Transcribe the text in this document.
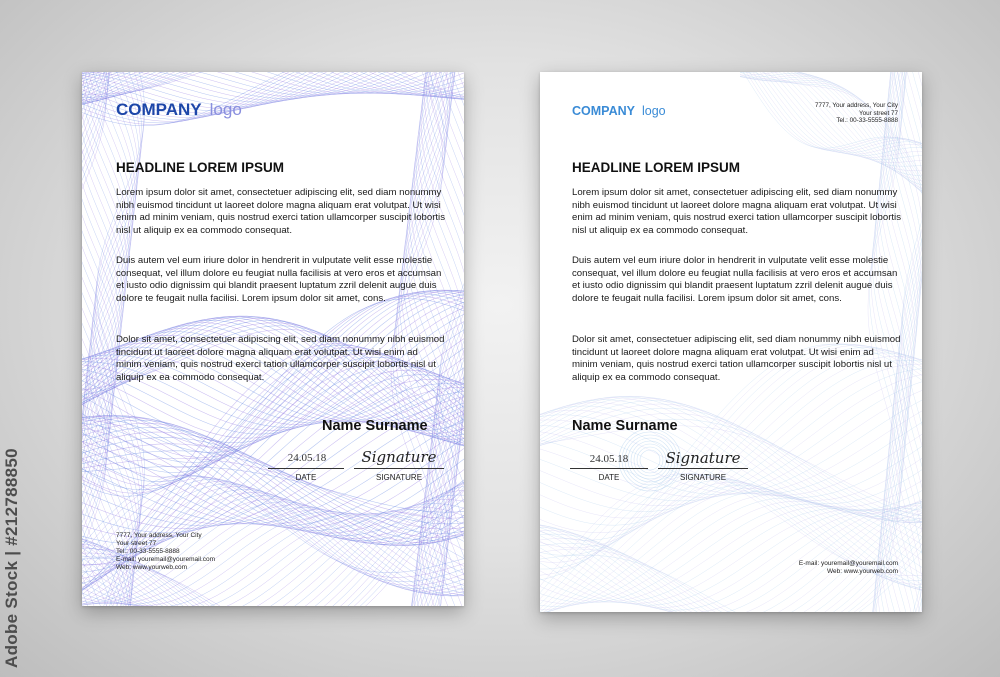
COMPANY logo
HEADLINE LOREM IPSUM

Lorem ipsum dolor sit amet, consectetuer adipiscing elit, sed diam nonummy nibh euismod tincidunt ut laoreet dolore magna aliquam erat volutpat. Ut wisi enim ad minim veniam, quis nostrud exerci tation ullamcorper suscipit lobortis nisl ut aliquip ex ea commodo consequat.

Duis autem vel eum iriure dolor in hendrerit in vulputate velit esse molestie consequat, vel illum dolore eu feugiat nulla facilisis at vero eros et accumsan et iusto odio dignissim qui blandit praesent luptatum zzril delenit augue duis dolore te feugait nulla facilisi. Lorem ipsum dolor sit amet, cons.

Dolor sit amet, consectetuer adipiscing elit, sed diam nonummy nibh euismod tincidunt ut laoreet dolore magna aliquam erat volutpat. Ut wisi enim ad minim veniam, quis nostrud exerci tation ullamcorper suscipit lobortis nisl ut aliquip ex ea commodo consequat.

Name Surname
24.05.18
DATE
Signature
SIGNATURE
7777, Your address, Your City
Your street 77
Tel.: 00-33-5555-8888
E-mail: youremail@youremail.com
Web: www.yourweb.com
COMPANY logo	7777, Your address, Your City
Your street 77
Tel.: 00-33-5555-8888
HEADLINE LOREM IPSUM

Lorem ipsum dolor sit amet, consectetuer adipiscing elit, sed diam nonummy nibh euismod tincidunt ut laoreet dolore magna aliquam erat volutpat. Ut wisi enim ad minim veniam, quis nostrud exerci tation ullamcorper suscipit lobortis nisl ut aliquip ex ea commodo consequat.

Duis autem vel eum iriure dolor in hendrerit in vulputate velit esse molestie consequat, vel illum dolore eu feugiat nulla facilisis at vero eros et accumsan et iusto odio dignissim qui blandit praesent luptatum zzril delenit augue duis dolore te feugait nulla facilisi. Lorem ipsum dolor sit amet, cons.

Dolor sit amet, consectetuer adipiscing elit, sed diam nonummy nibh euismod tincidunt ut laoreet dolore magna aliquam erat volutpat. Ut wisi enim ad minim veniam, quis nostrud exerci tation ullamcorper suscipit lobortis nisl ut aliquip ex ea commodo consequat.

Name Surname
24.05.18
DATE
Signature
SIGNATURE
E-mail: youremail@youremail.com
Web: www.yourweb.com
Adobe Stock | #212788850
